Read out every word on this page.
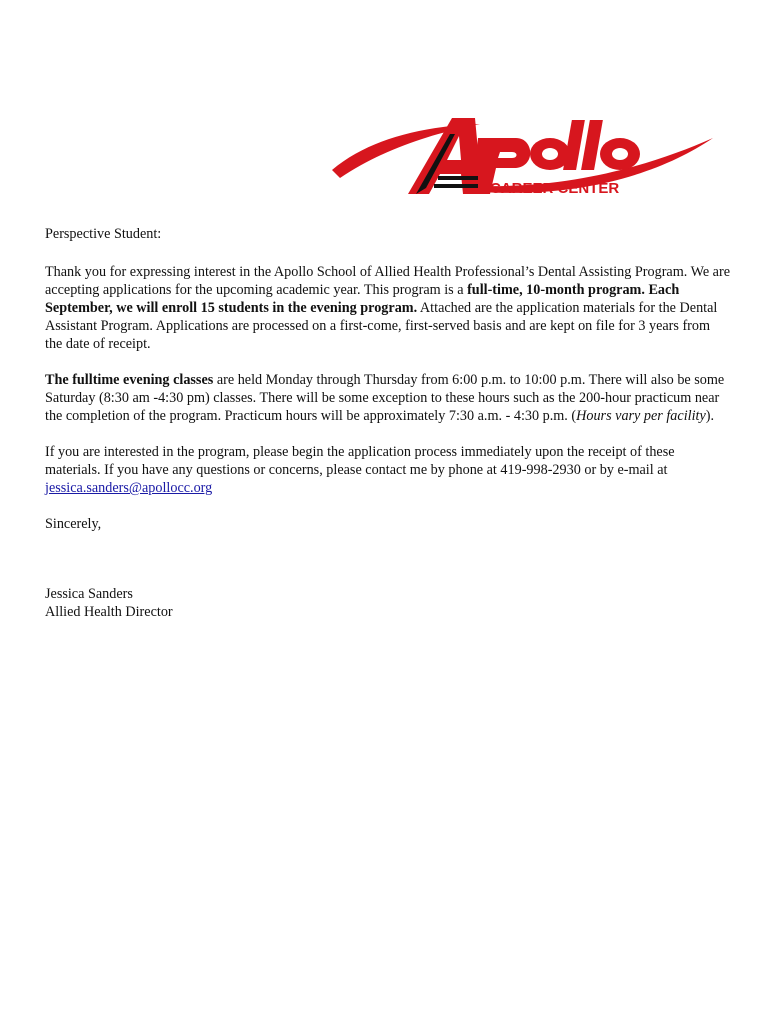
CAREER CENTER

Perspective Student:

Thank you for expressing interest in the Apollo School of Allied Health Professional’s Dental Assisting Program. We are accepting applications for the upcoming academic year. This program is a full-time, 10-month program. Each September, we will enroll 15 students in the evening program. Attached are the application materials for the Dental Assistant Program. Applications are processed on a first-come, first-served basis and are kept on file for 3 years from the date of receipt.

The fulltime evening classes are held Monday through Thursday from 6:00 p.m. to 10:00 p.m. There will also be some Saturday (8:30 am -4:30 pm) classes. There will be some exception to these hours such as the 200-hour practicum near the completion of the program. Practicum hours will be approximately 7:30 a.m. - 4:30 p.m. (Hours vary per facility).

If you are interested in the program, please begin the application process immediately upon the receipt of these materials. If you have any questions or concerns, please contact me by phone at 419-998-2930 or by e-mail at jessica.sanders@apollocc.org

Sincerely,

Jessica Sanders
Allied Health Director
